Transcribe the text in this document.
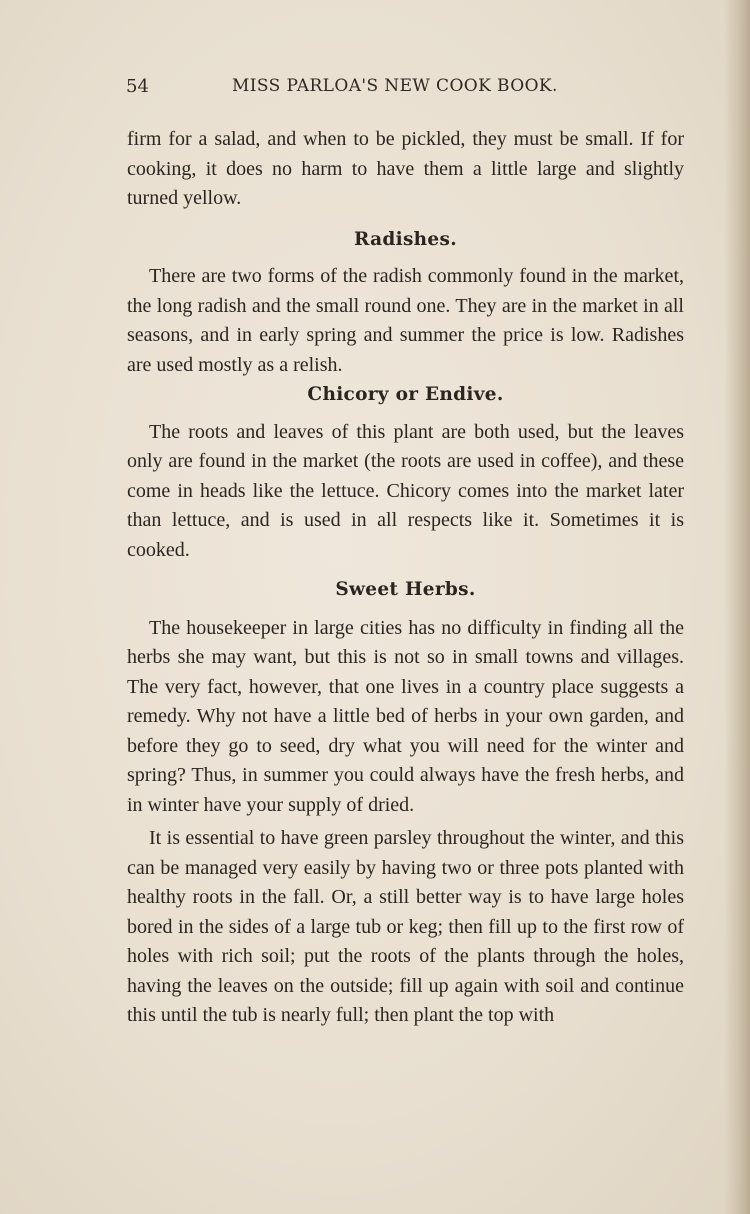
54	MISS PARLOA'S NEW COOK BOOK.

firm for a salad, and when to be pickled, they must be small. If for cooking, it does no harm to have them a little large and slightly turned yellow.

Radishes.

There are two forms of the radish commonly found in the market, the long radish and the small round one. They are in the market in all seasons, and in early spring and summer the price is low. Radishes are used mostly as a relish.

Chicory or Endive.

The roots and leaves of this plant are both used, but the leaves only are found in the market (the roots are used in coffee), and these come in heads like the lettuce. Chicory comes into the market later than lettuce, and is used in all respects like it. Sometimes it is cooked.

Sweet Herbs.

The housekeeper in large cities has no difficulty in finding all the herbs she may want, but this is not so in small towns and villages. The very fact, however, that one lives in a country place suggests a remedy. Why not have a little bed of herbs in your own garden, and before they go to seed, dry what you will need for the winter and spring? Thus, in summer you could always have the fresh herbs, and in winter have your supply of dried.

It is essential to have green parsley throughout the winter, and this can be managed very easily by having two or three pots planted with healthy roots in the fall. Or, a still better way is to have large holes bored in the sides of a large tub or keg; then fill up to the first row of holes with rich soil; put the roots of the plants through the holes, having the leaves on the outside; fill up again with soil and continue this until the tub is nearly full; then plant the top with
